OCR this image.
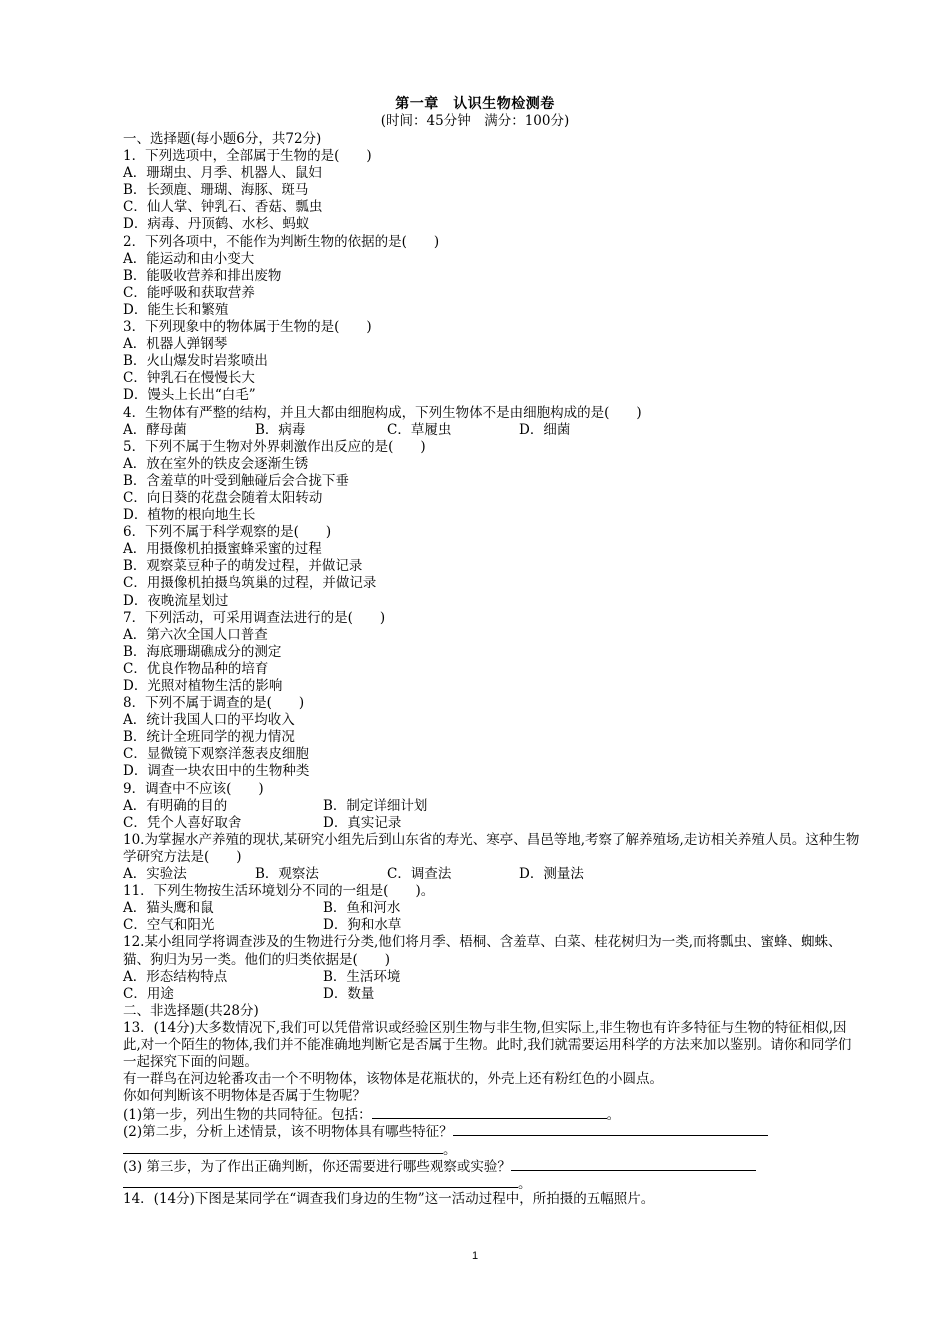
第一章　认识生物检测卷
(时间：45分钟　满分：100分)
一、选择题(每小题6分，共72分)
1．下列选项中，全部属于生物的是(　　)
A．珊瑚虫、月季、机器人、鼠妇
B．长颈鹿、珊瑚、海豚、斑马
C．仙人掌、钟乳石、香菇、瓢虫
D．病毒、丹顶鹤、水杉、蚂蚁
2．下列各项中，不能作为判断生物的依据的是(　　)
A．能运动和由小变大
B．能吸收营养和排出废物
C．能呼吸和获取营养
D．能生长和繁殖
3．下列现象中的物体属于生物的是(　　)
A．机器人弹钢琴
B．火山爆发时岩浆喷出
C．钟乳石在慢慢长大
D．馒头上长出“白毛”
4．生物体有严整的结构，并且大都由细胞构成，下列生物体不是由细胞构成的是(　　)
A．酵母菌	B．病毒	C．草履虫	D．细菌
5．下列不属于生物对外界刺激作出反应的是(　　)
A．放在室外的铁皮会逐渐生锈
B．含羞草的叶受到触碰后会合拢下垂
C．向日葵的花盘会随着太阳转动
D．植物的根向地生长
6．下列不属于科学观察的是(　　)
A．用摄像机拍摄蜜蜂采蜜的过程
B．观察菜豆种子的萌发过程，并做记录
C．用摄像机拍摄鸟筑巢的过程，并做记录
D．夜晚流星划过
7．下列活动，可采用调查法进行的是(　　)
A．第六次全国人口普查
B．海底珊瑚礁成分的测定
C．优良作物品种的培育
D．光照对植物生活的影响
8．下列不属于调查的是(　　)
A．统计我国人口的平均收入
B．统计全班同学的视力情况
C．显微镜下观察洋葱表皮细胞
D．调查一块农田中的生物种类
9．调查中不应该(　　)
A．有明确的目的	B．制定详细计划
C．凭个人喜好取舍	D．真实记录
10.为掌握水产养殖的现状,某研究小组先后到山东省的寿光、寒亭、昌邑等地,考察了解养殖场,走访相关养殖人员。这种生物学研究方法是(　　)
A．实验法	B．观察法	C．调查法	D．测量法
11．下列生物按生活环境划分不同的一组是(　　)。
A．猫头鹰和鼠	B．鱼和河水
C．空气和阳光	D．狗和水草
12.某小组同学将调查涉及的生物进行分类,他们将月季、梧桐、含羞草、白菜、桂花树归为一类,而将瓢虫、蜜蜂、蜘蛛、猫、狗归为另一类。他们的归类依据是(　　)
A．形态结构特点	B．生活环境
C．用途	D．数量
二、非选择题(共28分)
13．(14分)大多数情况下,我们可以凭借常识或经验区别生物与非生物,但实际上,非生物也有许多特征与生物的特征相似,因此,对一个陌生的物体,我们并不能准确地判断它是否属于生物。此时,我们就需要运用科学的方法来加以鉴别。请你和同学们一起探究下面的问题。
有一群鸟在河边轮番攻击一个不明物体，该物体是花瓶状的，外壳上还有粉红色的小圆点。
你如何判断该不明物体是否属于生物呢？
(1)第一步，列出生物的共同特征。包括：	。
(2)第二步，分析上述情景，该不明物体具有哪些特征？
。
(3) 第三步，为了作出正确判断，你还需要进行哪些观察或实验？
。
14．(14分)下图是某同学在“调查我们身边的生物”这一活动过程中，所拍摄的五幅照片。
1
